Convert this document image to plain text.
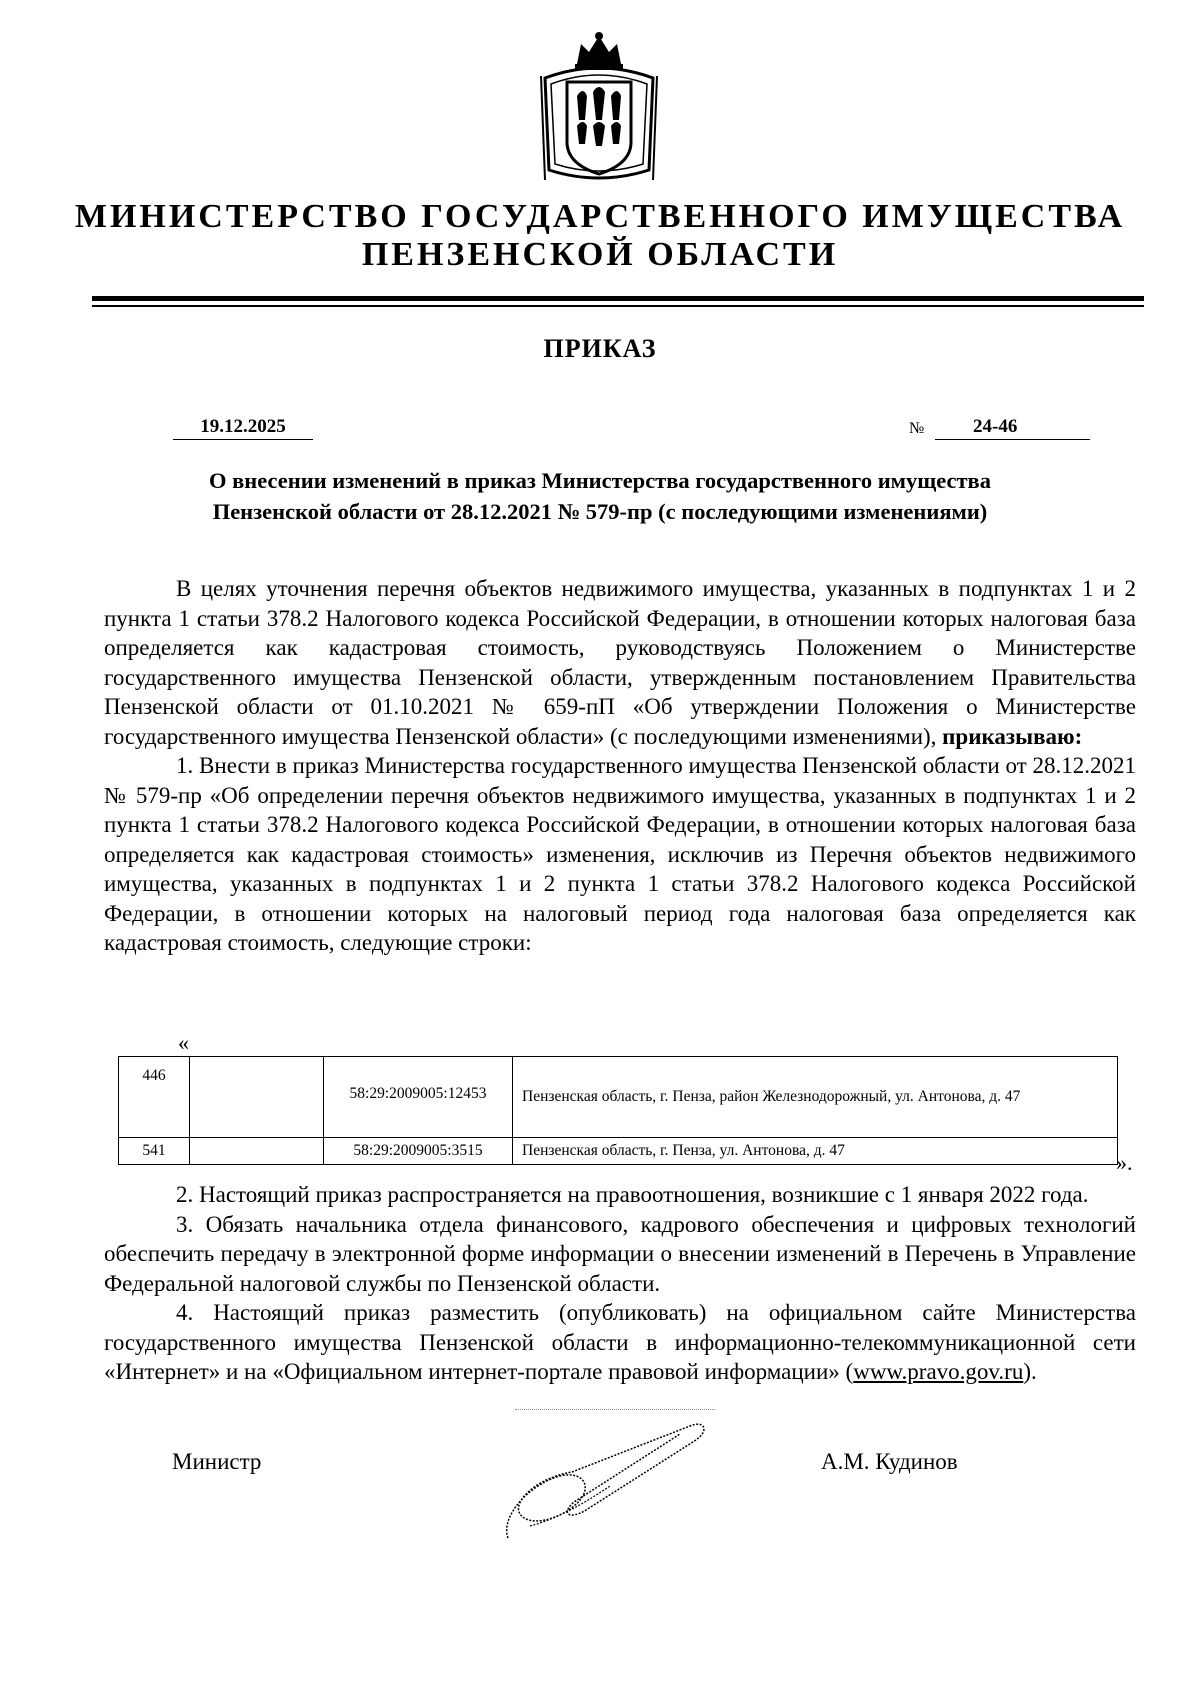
МИНИСТЕРСТВО ГОСУДАРСТВЕННОГО ИМУЩЕСТВА
ПЕНЗЕНСКОЙ ОБЛАСТИ
ПРИКАЗ
19.12.2025	№	24-46
О внесении изменений в приказ Министерства государственного имущества
Пензенской области от 28.12.2021 № 579-пр (с последующими изменениями)

В целях уточнения перечня объектов недвижимого имущества, указанных в подпунктах 1 и 2 пункта 1 статьи 378.2 Налогового кодекса Российской Федерации, в отношении которых налоговая база определяется как кадастровая стоимость, руководствуясь Положением о Министерстве государственного имущества Пензенской области, утвержденным постановлением Правительства Пензенской области от 01.10.2021 № 659-пП «Об утверждении Положения о Министерстве государственного имущества Пензенской области» (с последующими изменениями), приказываю:

1. Внести в приказ Министерства государственного имущества Пензенской области от 28.12.2021 № 579-пр «Об определении перечня объектов недвижимого имущества, указанных в подпунктах 1 и 2 пункта 1 статьи 378.2 Налогового кодекса Российской Федерации, в отношении которых налоговая база определяется как кадастровая стоимость» изменения, исключив из Перечня объектов недвижимого имущества, указанных в подпунктах 1 и 2 пункта 1 статьи 378.2 Налогового кодекса Российской Федерации, в отношении которых на налоговый период года налоговая база определяется как кадастровая стоимость, следующие строки:

«
446		58:29:2009005:12453	Пензенская область, г. Пенза, район Железнодорожный, ул. Антонова, д. 47
541		58:29:2009005:3515	Пензенская область, г. Пенза, ул. Антонова, д. 47	».

2. Настоящий приказ распространяется на правоотношения, возникшие с 1 января 2022 года.

3. Обязать начальника отдела финансового, кадрового обеспечения и цифровых технологий обеспечить передачу в электронной форме информации о внесении изменений в Перечень в Управление Федеральной налоговой службы по Пензенской области.

4. Настоящий приказ разместить (опубликовать) на официальном сайте Министерства государственного имущества Пензенской области в информационно-телекоммуникационной сети «Интернет» и на «Официальном интернет-портале правовой информации» (www.pravo.gov.ru).

Министр	А.М. Кудинов
